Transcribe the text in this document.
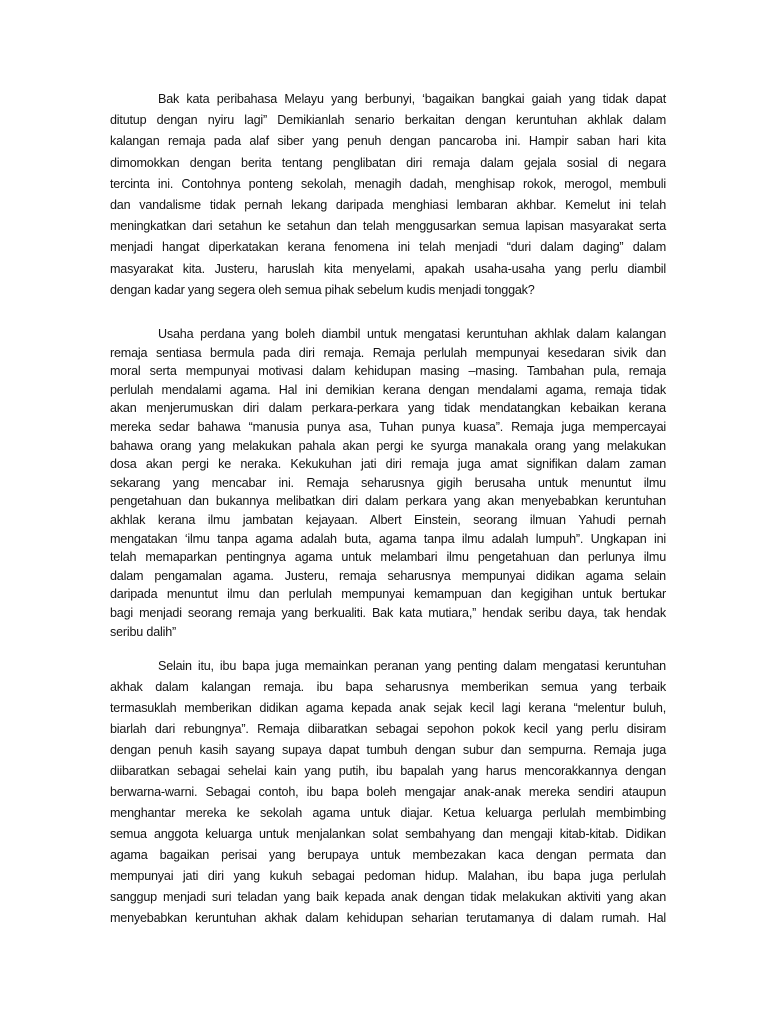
Bak kata peribahasa Melayu yang berbunyi, ‘bagaikan bangkai gaiah yang tidak dapat
ditutup dengan nyiru lagi” Demikianlah senario berkaitan dengan keruntuhan akhlak dalam
kalangan remaja pada alaf siber yang penuh dengan pancaroba ini. Hampir saban hari kita
dimomokkan dengan berita tentang penglibatan diri remaja dalam gejala sosial di negara
tercinta ini. Contohnya ponteng sekolah, menagih dadah, menghisap rokok, merogol, membuli
dan vandalisme tidak pernah lekang daripada menghiasi lembaran akhbar. Kemelut ini telah
meningkatkan dari setahun ke setahun dan telah menggusarkan semua lapisan masyarakat serta
menjadi hangat diperkatakan kerana fenomena ini telah menjadi “duri dalam daging” dalam
masyarakat kita. Justeru, haruslah kita menyelami, apakah usaha-usaha yang perlu diambil
dengan kadar yang segera oleh semua pihak sebelum kudis menjadi tonggak?
Usaha perdana yang boleh diambil untuk mengatasi keruntuhan akhlak dalam kalangan
remaja sentiasa bermula pada diri remaja. Remaja perlulah mempunyai kesedaran sivik dan
moral serta mempunyai motivasi dalam kehidupan masing –masing. Tambahan pula, remaja
perlulah mendalami agama. Hal ini demikian kerana dengan mendalami agama, remaja tidak
akan menjerumuskan diri dalam perkara-perkara yang tidak mendatangkan kebaikan kerana
mereka sedar bahawa “manusia punya asa, Tuhan punya kuasa”. Remaja juga mempercayai
bahawa orang yang melakukan pahala akan pergi ke syurga manakala orang yang melakukan
dosa akan pergi ke neraka. Kekukuhan jati diri remaja juga amat signifikan dalam zaman
sekarang yang mencabar ini. Remaja seharusnya gigih berusaha untuk menuntut ilmu
pengetahuan dan bukannya melibatkan diri dalam perkara yang akan menyebabkan keruntuhan
akhlak kerana ilmu jambatan kejayaan. Albert Einstein, seorang ilmuan Yahudi pernah
mengatakan ‘ilmu tanpa agama adalah buta, agama tanpa ilmu adalah lumpuh”. Ungkapan ini
telah memaparkan pentingnya agama untuk melambari ilmu pengetahuan dan perlunya ilmu
dalam pengamalan agama. Justeru, remaja seharusnya mempunyai didikan agama selain
daripada menuntut ilmu dan perlulah mempunyai kemampuan dan kegigihan untuk bertukar
bagi menjadi seorang remaja yang berkualiti. Bak kata mutiara,” hendak seribu daya, tak hendak
seribu dalih”
Selain itu, ibu bapa juga memainkan peranan yang penting dalam mengatasi keruntuhan
akhak dalam kalangan remaja. ibu bapa seharusnya memberikan semua yang terbaik
termasuklah memberikan didikan agama kepada anak sejak kecil lagi kerana “melentur buluh,
biarlah dari rebungnya”. Remaja diibaratkan sebagai sepohon pokok kecil yang perlu disiram
dengan penuh kasih sayang supaya dapat tumbuh dengan subur dan sempurna. Remaja juga
diibaratkan sebagai sehelai kain yang putih, ibu bapalah yang harus mencorakkannya dengan
berwarna-warni. Sebagai contoh, ibu bapa boleh mengajar anak-anak mereka sendiri ataupun
menghantar mereka ke sekolah agama untuk diajar. Ketua keluarga perlulah membimbing
semua anggota keluarga untuk menjalankan solat sembahyang dan mengaji kitab-kitab. Didikan
agama bagaikan perisai yang berupaya untuk membezakan kaca dengan permata dan
mempunyai jati diri yang kukuh sebagai pedoman hidup. Malahan, ibu bapa juga perlulah
sanggup menjadi suri teladan yang baik kepada anak dengan tidak melakukan aktiviti yang akan
menyebabkan keruntuhan akhak dalam kehidupan seharian terutamanya di dalam rumah. Hal
